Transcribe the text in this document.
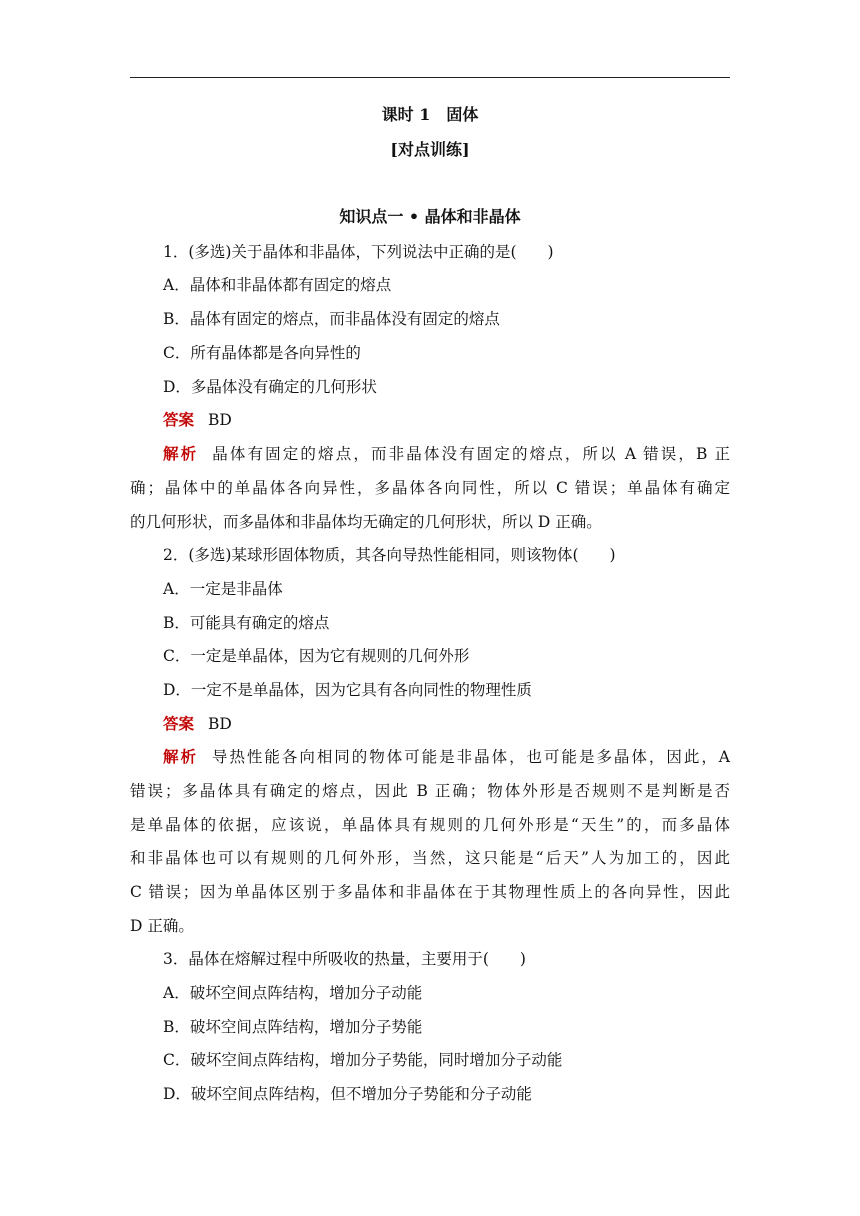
课时 1　固体
[对点训练]
知识点一 • 晶体和非晶体
1．(多选)关于晶体和非晶体，下列说法中正确的是(　　)
A．晶体和非晶体都有固定的熔点
B．晶体有固定的熔点，而非晶体没有固定的熔点
C．所有晶体都是各向异性的
D．多晶体没有确定的几何形状
答案 BD
解析 晶体有固定的熔点，而非晶体没有固定的熔点，所以 A 错误，B 正
确；晶体中的单晶体各向异性，多晶体各向同性，所以 C 错误；单晶体有确定
的几何形状，而多晶体和非晶体均无确定的几何形状，所以 D 正确。
2．(多选)某球形固体物质，其各向导热性能相同，则该物体(　　)
A．一定是非晶体
B．可能具有确定的熔点
C．一定是单晶体，因为它有规则的几何外形
D．一定不是单晶体，因为它具有各向同性的物理性质
答案 BD
解析 导热性能各向相同的物体可能是非晶体，也可能是多晶体，因此，A
错误；多晶体具有确定的熔点，因此 B 正确；物体外形是否规则不是判断是否
是单晶体的依据，应该说，单晶体具有规则的几何外形是“天生”的，而多晶体
和非晶体也可以有规则的几何外形，当然，这只能是“后天”人为加工的，因此
C 错误；因为单晶体区别于多晶体和非晶体在于其物理性质上的各向异性，因此
D 正确。
3．晶体在熔解过程中所吸收的热量，主要用于(　　)
A．破坏空间点阵结构，增加分子动能
B．破坏空间点阵结构，增加分子势能
C．破坏空间点阵结构，增加分子势能，同时增加分子动能
D．破坏空间点阵结构，但不增加分子势能和分子动能
